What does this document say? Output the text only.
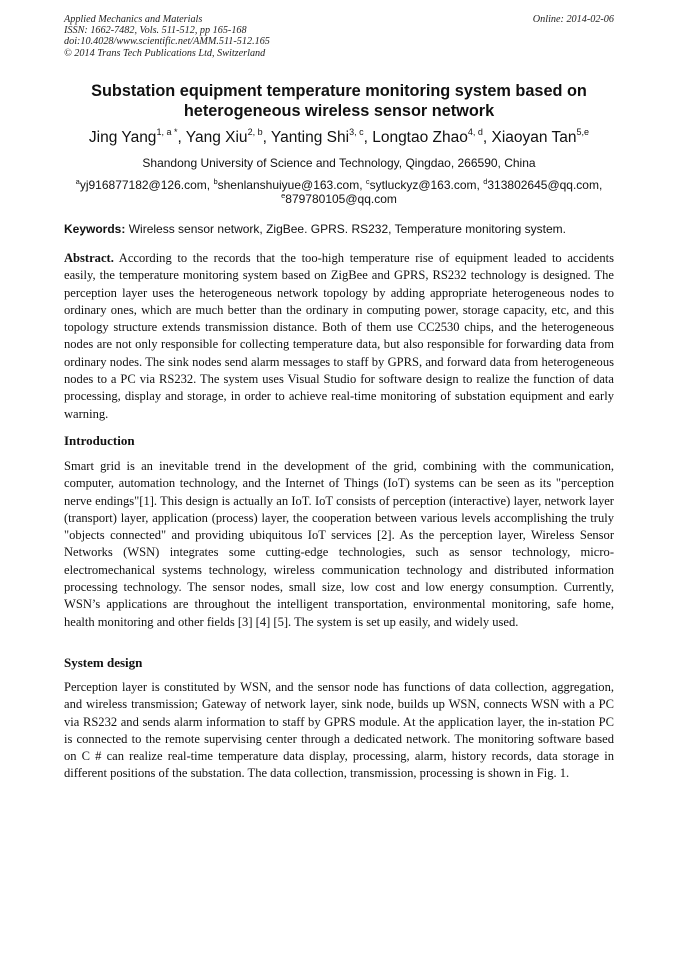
Applied Mechanics and Materials
ISSN: 1662-7482, Vols. 511-512, pp 165-168
doi:10.4028/www.scientific.net/AMM.511-512.165
© 2014 Trans Tech Publications Ltd, Switzerland
Online: 2014-02-06
Substation equipment temperature monitoring system based on heterogeneous wireless sensor network
Jing Yang$^{1, a *}$, Yang Xiu$^{2, b}$, Yanting Shi$^{3, c}$, Longtao Zhao$^{4, d}$, Xiaoyan Tan$^{5,e}$
Shandong University of Science and Technology, Qingdao, 266590, China
$^a$yj916877182@126.com, $^b$shenlanshuiyue@163.com, $^c$sytluckyz@163.com, $^d$313802645@qq.com,
$^e$879780105@qq.com
Keywords: Wireless sensor network, ZigBee. GPRS. RS232, Temperature monitoring system.
Abstract. According to the records that the too-high temperature rise of equipment leaded to accidents easily, the temperature monitoring system based on ZigBee and GPRS, RS232 technology is designed. The perception layer uses the heterogeneous network topology by adding appropriate heterogeneous nodes to ordinary ones, which are much better than the ordinary in computing power, storage capacity, etc, and this topology structure extends transmission distance. Both of them use CC2530 chips, and the heterogeneous nodes are not only responsible for collecting temperature data, but also responsible for forwarding data from ordinary nodes. The sink nodes send alarm messages to staff by GPRS, and forward data from heterogeneous nodes to a PC via RS232. The system uses Visual Studio for software design to realize the function of data processing, display and storage, in order to achieve real-time monitoring of substation equipment and early warning.
Introduction
Smart grid is an inevitable trend in the development of the grid, combining with the communication, computer, automation technology, and the Internet of Things (IoT) systems can be seen as its "perception nerve endings"[1]. This design is actually an IoT. IoT consists of perception (interactive) layer, network layer (transport) layer, application (process) layer, the cooperation between various levels accomplishing the truly "objects connected" and providing ubiquitous IoT services [2]. As the perception layer, Wireless Sensor Networks (WSN) integrates some cutting-edge technologies, such as sensor technology, micro-electromechanical systems technology, wireless communication technology and distributed information processing technology. The sensor nodes, small size, low cost and low energy consumption. Currently, WSN’s applications are throughout the intelligent transportation, environmental monitoring, safe home, health monitoring and other fields [3] [4] [5]. The system is set up easily, and widely used.
System design
Perception layer is constituted by WSN, and the sensor node has functions of data collection, aggregation, and wireless transmission; Gateway of network layer, sink node, builds up WSN, connects WSN with a PC via RS232 and sends alarm information to staff by GPRS module. At the application layer, the in-station PC is connected to the remote supervising center through a dedicated network. The monitoring software based on C # can realize real-time temperature data display, processing, alarm, history records, data storage in different positions of the substation. The data collection, transmission, processing is shown in Fig. 1.
